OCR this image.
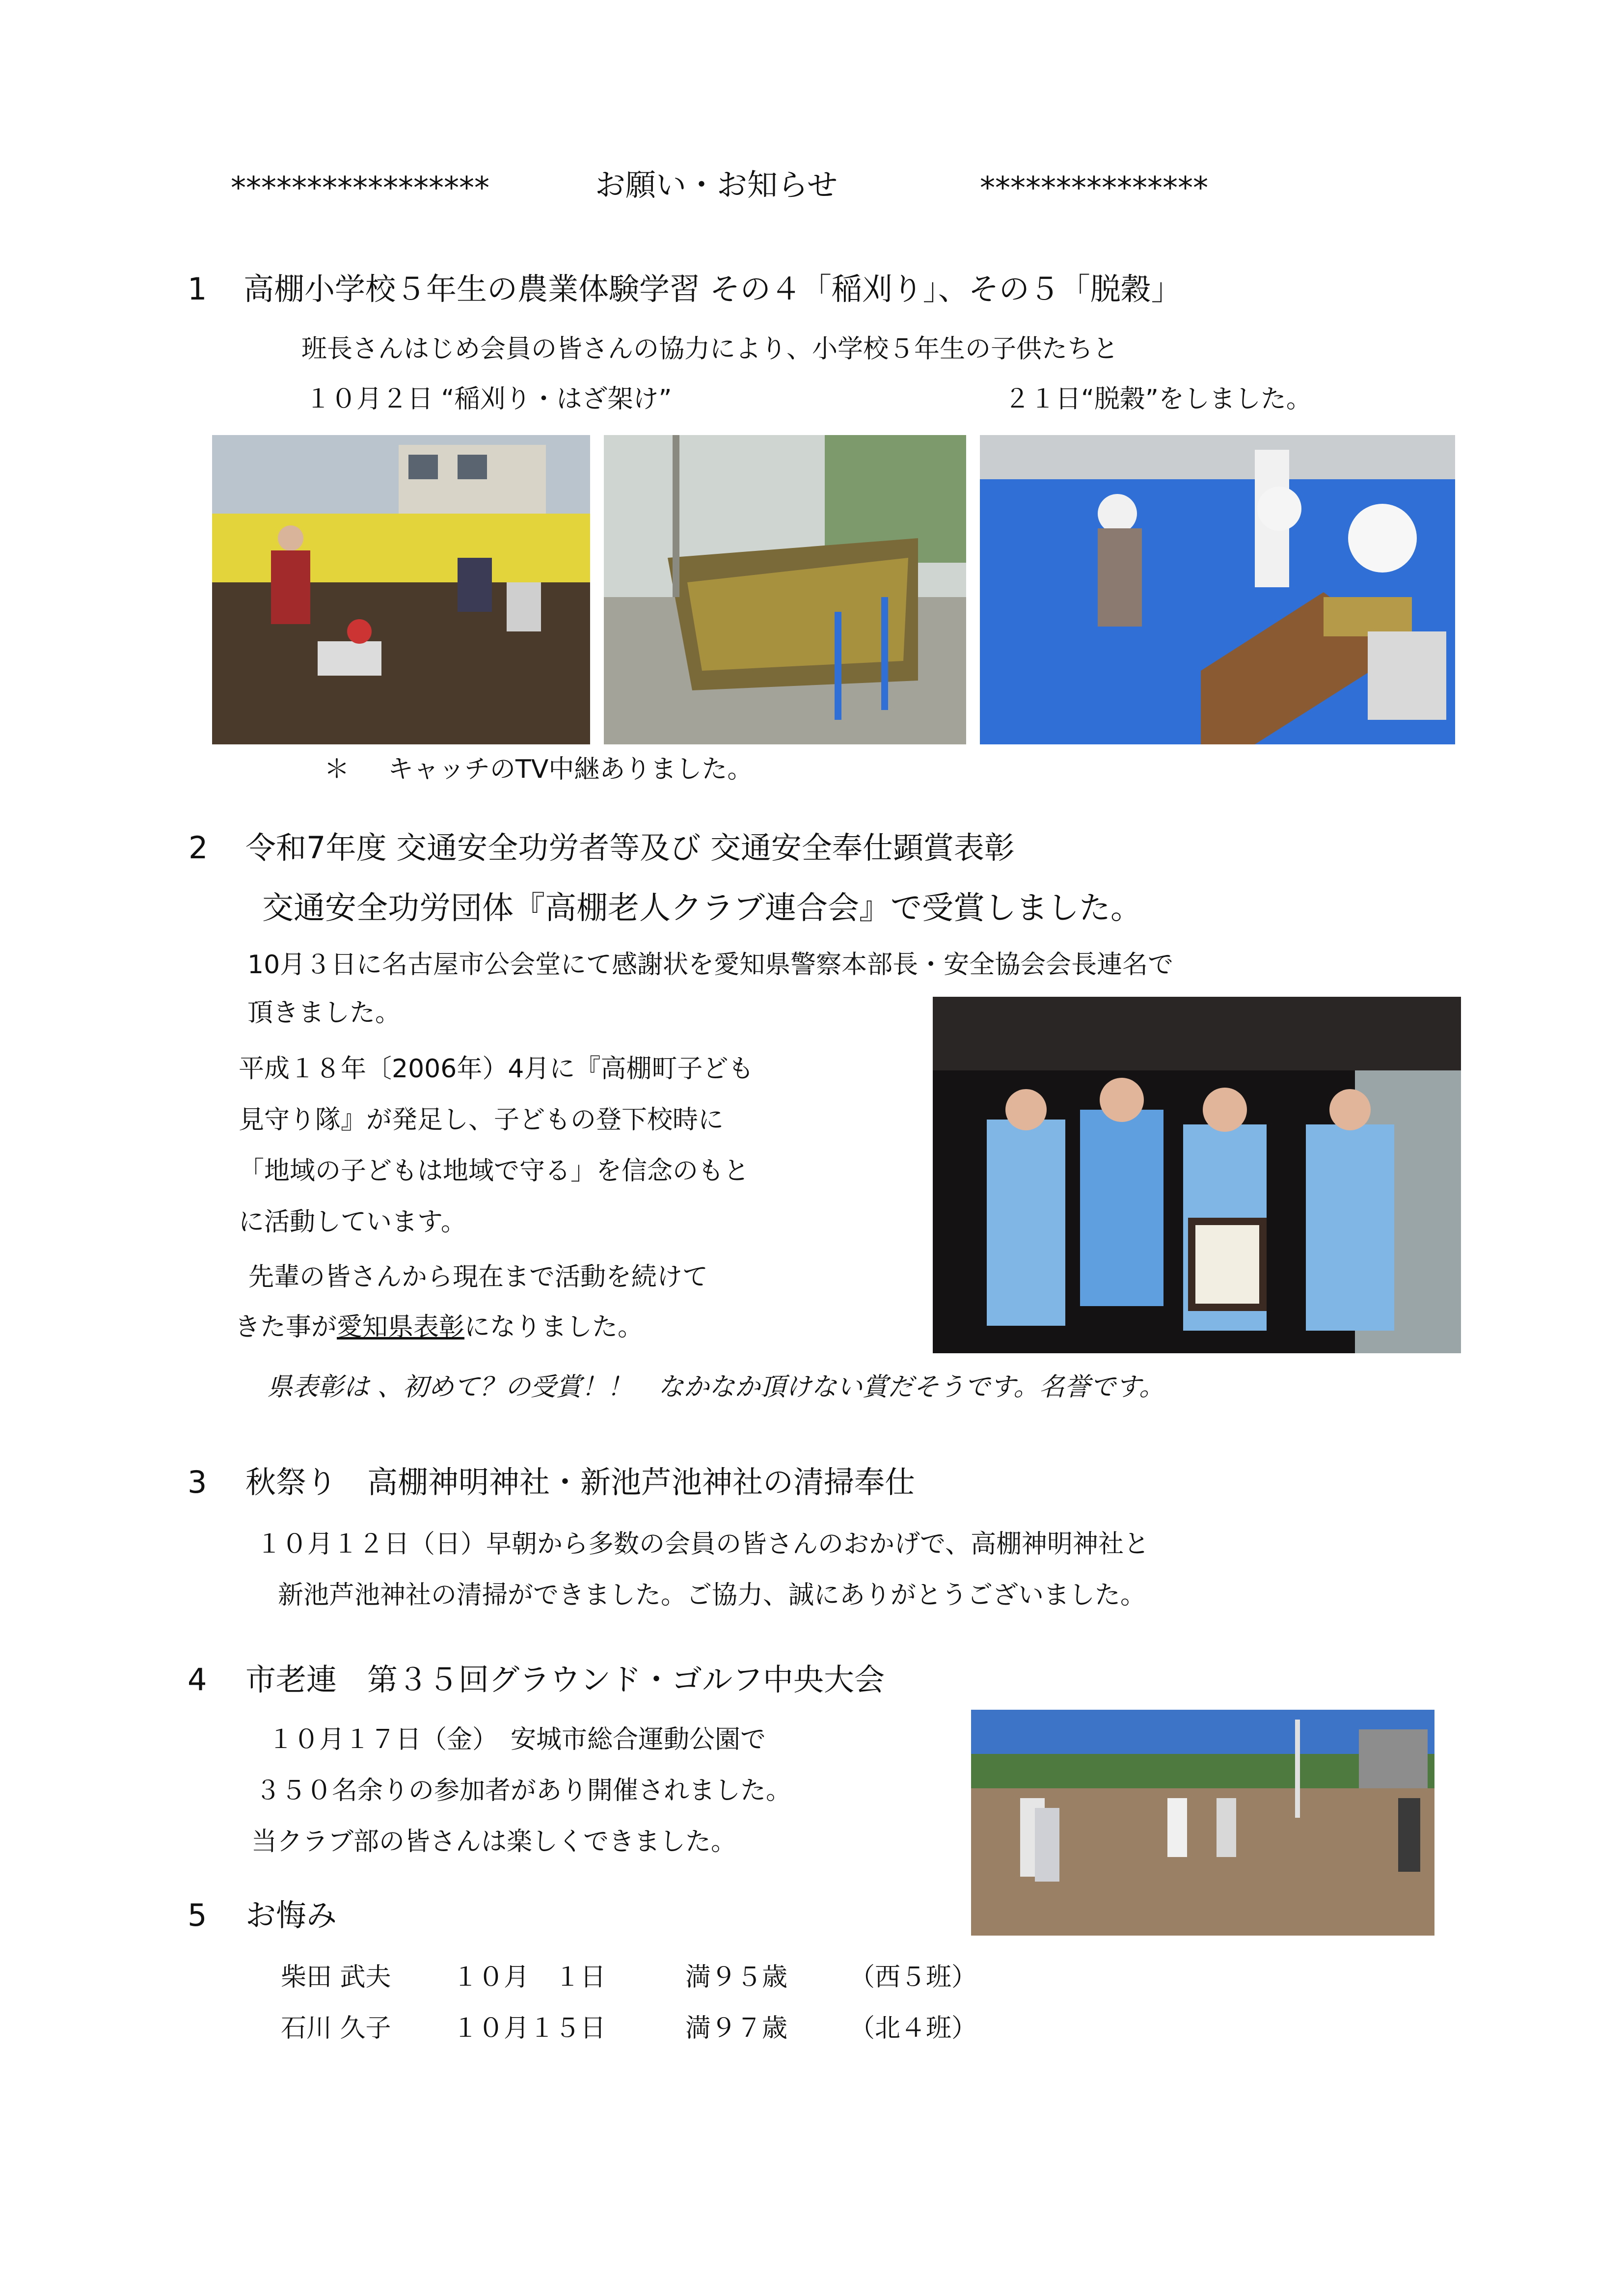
*****************	お願い・お知らせ	***************
1 高棚小学校５年生の農業体験学習 その４「稲刈り」、その５「脱穀」
班長さんはじめ会員の皆さんの協力により、小学校５年生の子供たちと
１０月２日 “稲刈り・はざ架け”	２１日“脱穀”をしました。
＊ キャッチのTV中継ありました。
2 令和7年度 交通安全功労者等及び 交通安全奉仕顕賞表彰
交通安全功労団体『高棚老人クラブ連合会』で受賞しました。
10月３日に名古屋市公会堂にて感謝状を愛知県警察本部長・安全協会会長連名で
頂きました。
平成１８年〔2006年）4月に『高棚町子ども
見守り隊』が発足し、子どもの登下校時に
「地域の子どもは地域で守る」を信念のもと
に活動しています。
先輩の皆さんから現在まで活動を続けて
きた事が愛知県表彰になりました。
県表彰は 、初めて？の受賞！！　なかなか頂けない賞だそうです。名誉です。
3 秋祭り　高棚神明神社・新池芦池神社の清掃奉仕
１０月１２日（日）早朝から多数の会員の皆さんのおかげで、高棚神明神社と
新池芦池神社の清掃ができました。ご協力、誠にありがとうございました。
4 市老連　第３５回グラウンド・ゴルフ中央大会
１０月１７日（金）　安城市総合運動公園で
３５０名余りの参加者があり開催されました。
当クラブ部の皆さんは楽しくできました。
5 お悔み
柴田 武夫 １０月　１日	満９５歳 （西５班）
石川 久子 １０月１５日	満９７歳 （北４班）
